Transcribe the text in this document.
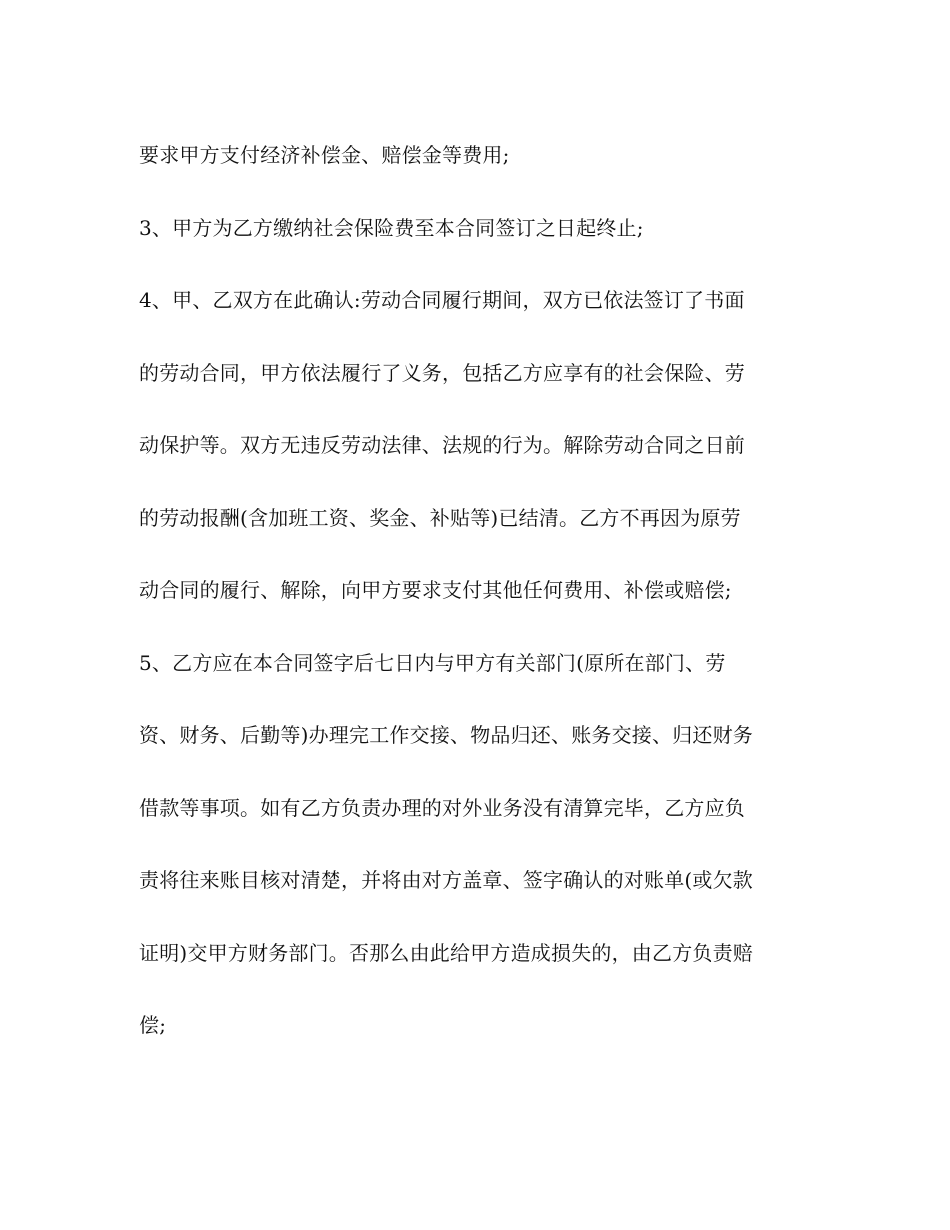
要求甲方支付经济补偿金、赔偿金等费用;
3、甲方为乙方缴纳社会保险费至本合同签订之日起终止;
4、甲、乙双方在此确认:劳动合同履行期间，双方已依法签订了书面
的劳动合同，甲方依法履行了义务，包括乙方应享有的社会保险、劳
动保护等。双方无违反劳动法律、法规的行为。解除劳动合同之日前
的劳动报酬(含加班工资、奖金、补贴等)已结清。乙方不再因为原劳
动合同的履行、解除，向甲方要求支付其他任何费用、补偿或赔偿;
5、乙方应在本合同签字后七日内与甲方有关部门(原所在部门、劳
资、财务、后勤等)办理完工作交接、物品归还、账务交接、归还财务
借款等事项。如有乙方负责办理的对外业务没有清算完毕，乙方应负
责将往来账目核对清楚，并将由对方盖章、签字确认的对账单(或欠款
证明)交甲方财务部门。否那么由此给甲方造成损失的，由乙方负责赔
偿;
